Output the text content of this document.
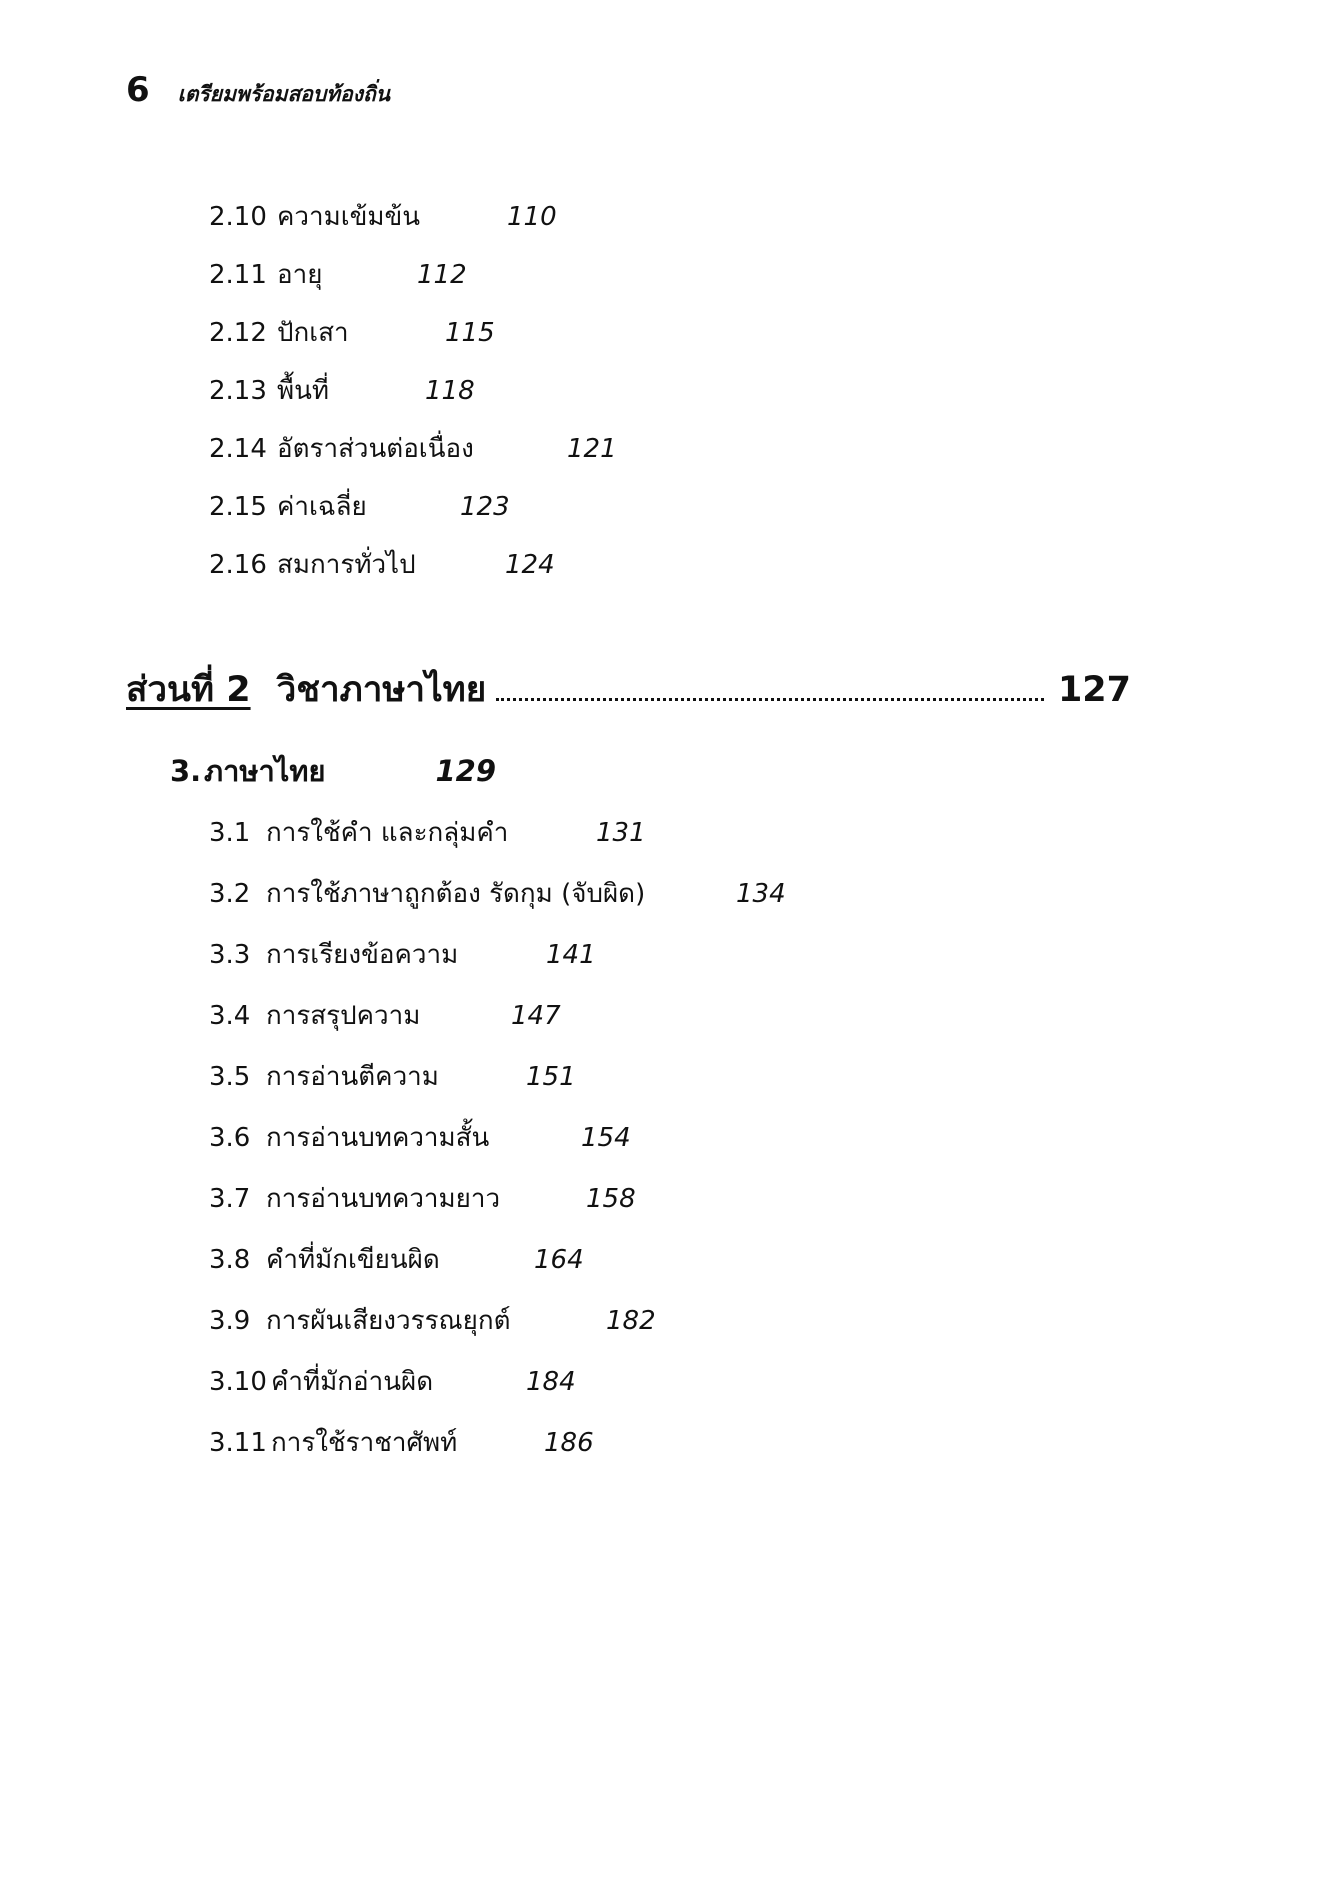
6 เตรียมพร้อมสอบท้องถิ่น
2.10 ความเข้มข้น	110
2.11 อายุ	112
2.12 ปักเสา	115
2.13 พื้นที่	118
2.14 อัตราส่วนต่อเนื่อง	121
2.15 ค่าเฉลี่ย	123
2.16 สมการทั่วไป	124
ส่วนที่ 2 วิชาภาษาไทย	127
3. ภาษาไทย	129
3.1 การใช้คำ และกลุ่มคำ	131
3.2 การใช้ภาษาถูกต้อง รัดกุม (จับผิด)	134
3.3 การเรียงข้อความ	141
3.4 การสรุปความ	147
3.5 การอ่านตีความ	151
3.6 การอ่านบทความสั้น	154
3.7 การอ่านบทความยาว	158
3.8 คำที่มักเขียนผิด	164
3.9 การผันเสียงวรรณยุกต์	182
3.10 คำที่มักอ่านผิด	184
3.11 การใช้ราชาศัพท์	186
